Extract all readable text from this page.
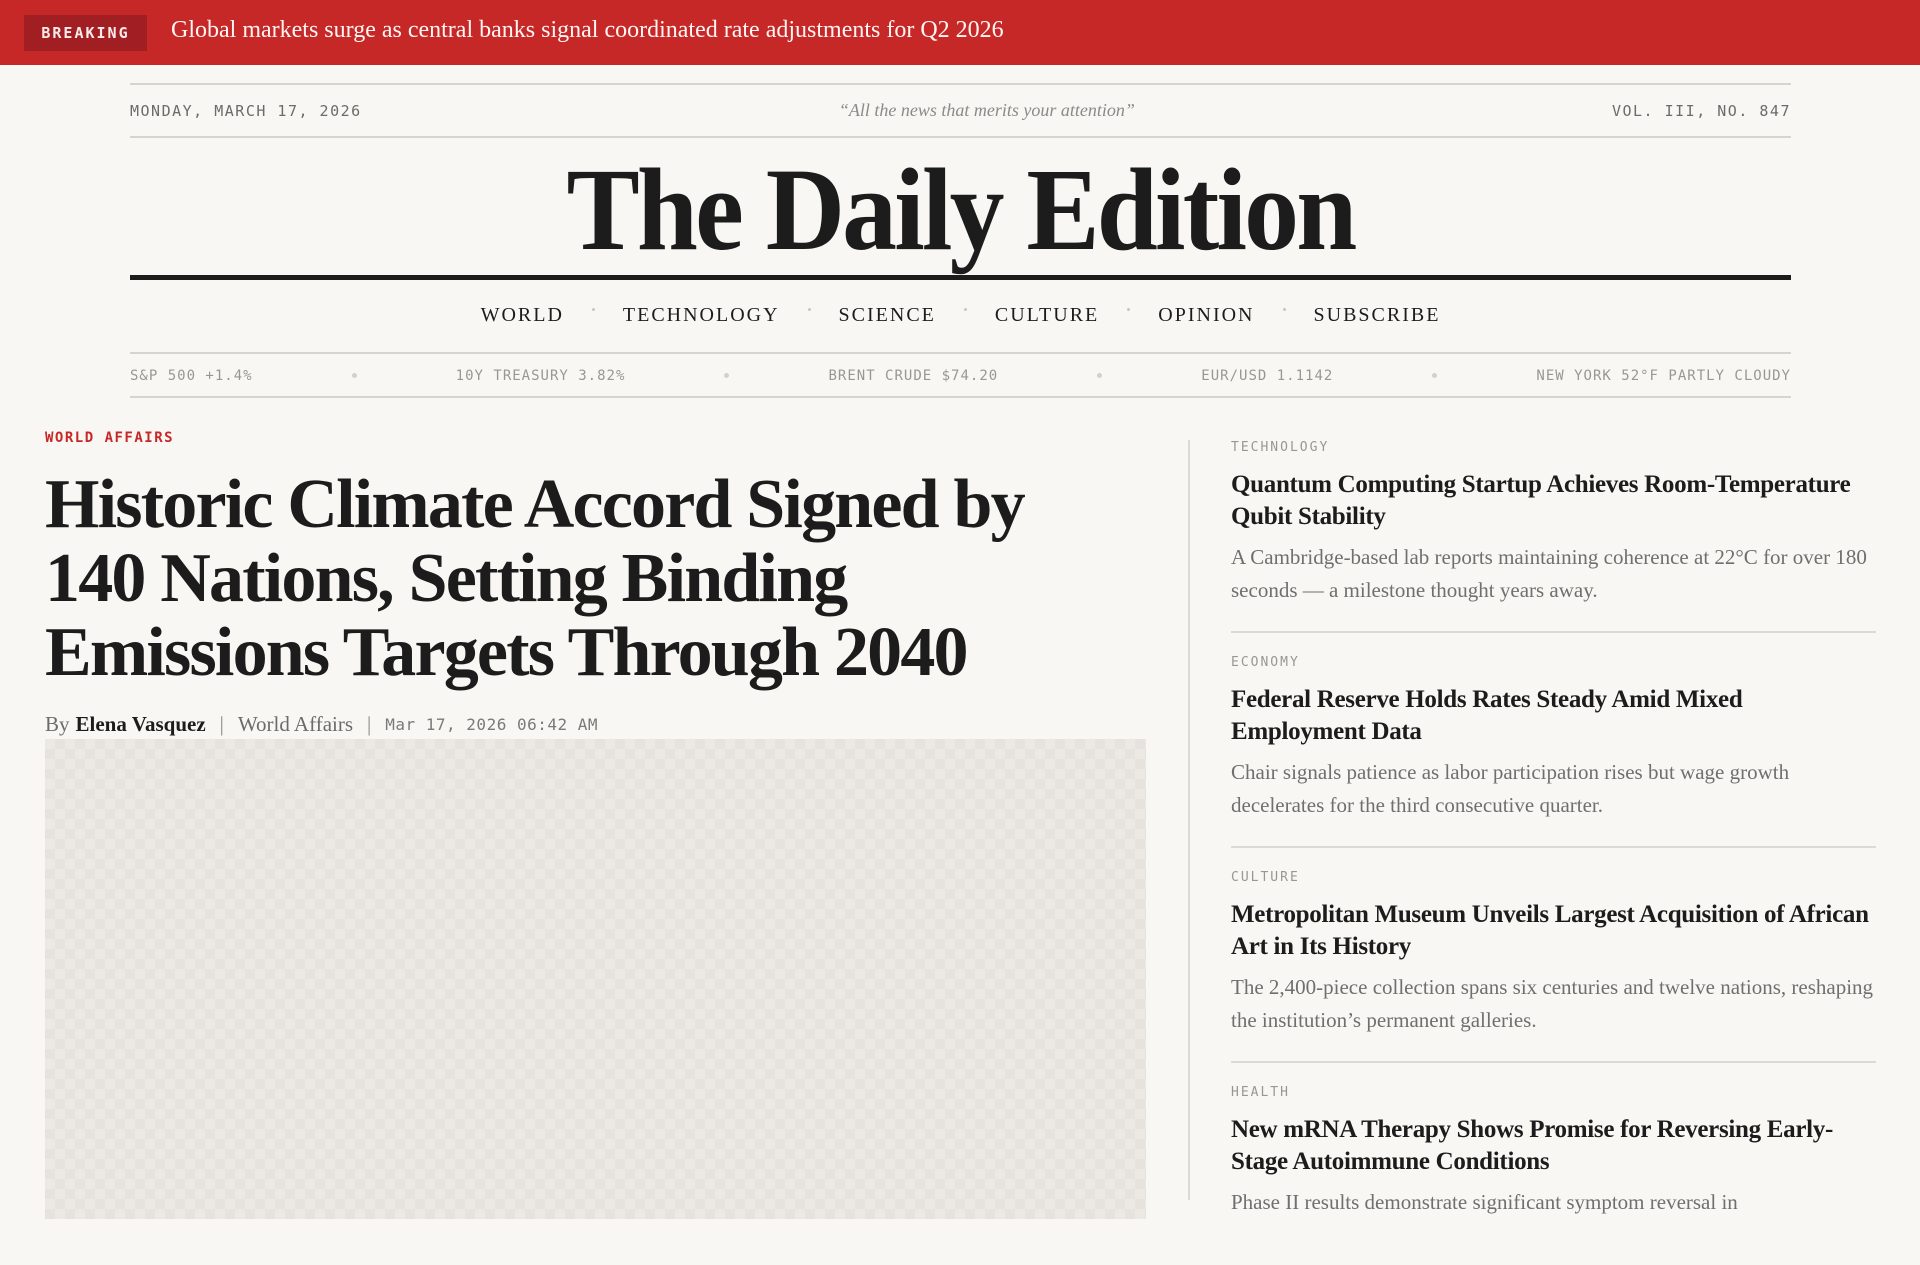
BREAKING	Global markets surge as central banks signal coordinated rate adjustments for Q2 2026
MONDAY, MARCH 17, 2026	“All the news that merits your attention”	VOL. III, NO. 847
The Daily Edition
WORLD	TECHNOLOGY	SCIENCE	CULTURE	OPINION	SUBSCRIBE
S&P 500 +1.4%	10Y TREASURY 3.82%	BRENT CRUDE $74.20	EUR/USD 1.1142	NEW YORK 52°F PARTLY CLOUDY
WORLD AFFAIRS
Historic Climate Accord Signed by 140 Nations, Setting Binding Emissions Targets Through 2040
By Elena Vasquez | World Affairs | Mar 17, 2026 06:42 AM
TECHNOLOGY
Quantum Computing Startup Achieves Room-Temperature Qubit Stability
A Cambridge-based lab reports maintaining coherence at 22°C for over 180 seconds — a milestone thought years away.
ECONOMY
Federal Reserve Holds Rates Steady Amid Mixed Employment Data
Chair signals patience as labor participation rises but wage growth decelerates for the third consecutive quarter.
CULTURE
Metropolitan Museum Unveils Largest Acquisition of African Art in Its History
The 2,400-piece collection spans six centuries and twelve nations, reshaping the institution’s permanent galleries.
HEALTH
New mRNA Therapy Shows Promise for Reversing Early-Stage Autoimmune Conditions
Phase II results demonstrate significant symptom reversal in
